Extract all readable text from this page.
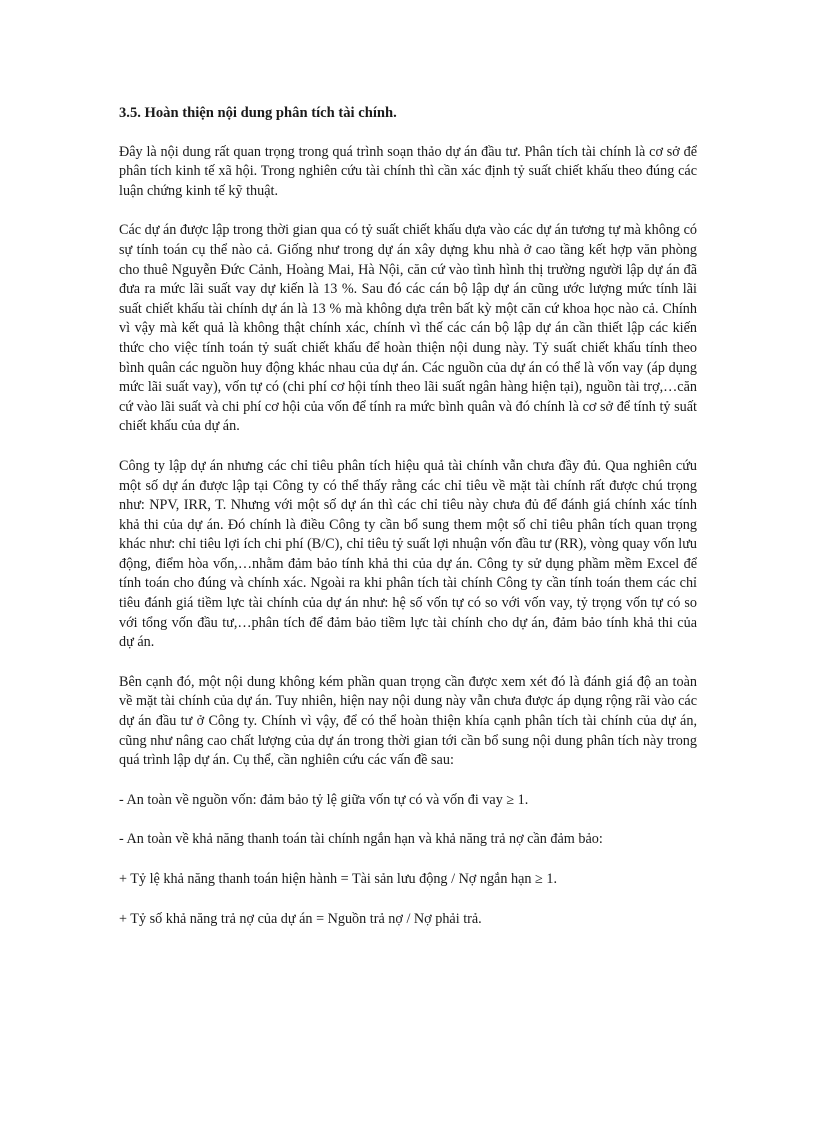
3.5. Hoàn thiện nội dung phân tích tài chính.
Đây là nội dung rất quan trọng trong quá trình soạn thảo dự án đầu tư. Phân tích tài chính là cơ sở để phân tích kinh tế xã hội. Trong nghiên cứu tài chính thì cần xác định tỷ suất chiết khấu theo đúng các luận chứng kinh tế kỹ thuật.
Các dự án được lập trong thời gian qua có tỷ suất chiết khấu dựa vào các dự án tương tự mà không có sự tính toán cụ thể nào cả. Giống như trong dự án xây dựng khu nhà ở cao tầng kết hợp văn phòng cho thuê Nguyễn Đức Cảnh, Hoàng Mai, Hà Nội, căn cứ vào tình hình thị trường người lập dự án đã đưa ra mức lãi suất vay dự kiến là 13 %. Sau đó các cán bộ lập dự án cũng ước lượng mức tính lãi suất chiết khấu tài chính dự án là 13 % mà không dựa trên bất kỳ một căn cứ khoa học nào cả. Chính vì vậy mà kết quả là không thật chính xác, chính vì thế các cán bộ lập dự án cần thiết lập các kiến thức cho việc tính toán tỷ suất chiết khấu để hoàn thiện nội dung này. Tỷ suất chiết khấu tính theo bình quân các nguồn huy động khác nhau của dự án. Các nguồn của dự án có thể là vốn vay (áp dụng mức lãi suất vay), vốn tự có (chi phí cơ hội tính theo lãi suất ngân hàng hiện tại), nguồn tài trợ,…căn cứ vào lãi suất và chi phí cơ hội của vốn để tính ra mức bình quân và đó chính là cơ sở để tính tỷ suất chiết khấu của dự án.
Công ty lập dự án nhưng các chỉ tiêu phân tích hiệu quả tài chính vẫn chưa đầy đủ. Qua nghiên cứu một số dự án được lập tại Công ty có thể thấy rằng các chỉ tiêu về mặt tài chính rất được chú trọng như: NPV, IRR, T. Nhưng với một số dự án thì các chỉ tiêu này chưa đủ để đánh giá chính xác tính khả thi của dự án. Đó chính là điều Công ty cần bổ sung them một số chỉ tiêu phân tích quan trọng khác như: chỉ tiêu lợi ích chi phí (B/C), chỉ tiêu tỷ suất lợi nhuận vốn đầu tư (RR), vòng quay vốn lưu động, điểm hòa vốn,…nhằm đảm bảo tính khả thi của dự án. Công ty sử dụng phầm mềm Excel để tính toán cho đúng và chính xác. Ngoài ra khi phân tích tài chính Công ty cần tính toán them các chỉ tiêu đánh giá tiềm lực tài chính của dự án như: hệ số vốn tự có so với vốn vay, tỷ trọng vốn tự có so với tổng vốn đầu tư,…phân tích để đảm bảo tiềm lực tài chính cho dự án, đảm bảo tính khả thi của dự án.
Bên cạnh đó, một nội dung không kém phần quan trọng cần được xem xét đó là đánh giá độ an toàn về mặt tài chính của dự án. Tuy nhiên, hiện nay nội dung này vẫn chưa được áp dụng rộng rãi vào các dự án đầu tư ở Công ty. Chính vì vậy, để có thể hoàn thiện khía cạnh phân tích tài chính của dự án, cũng như nâng cao chất lượng của dự án trong thời gian tới cần bổ sung nội dung phân tích này trong quá trình lập dự án. Cụ thể, cần nghiên cứu các vấn đề sau:
- An toàn về nguồn vốn: đảm bảo tỷ lệ giữa vốn tự có và vốn đi vay ≥ 1.
- An toàn về khả năng thanh toán tài chính ngắn hạn và khả năng trả nợ cần đảm bảo:
+ Tỷ lệ khả năng thanh toán hiện hành = Tài sản lưu động / Nợ ngắn hạn ≥ 1.
+ Tỷ số khả năng trả nợ của dự án = Nguồn trả nợ / Nợ phải trả.
